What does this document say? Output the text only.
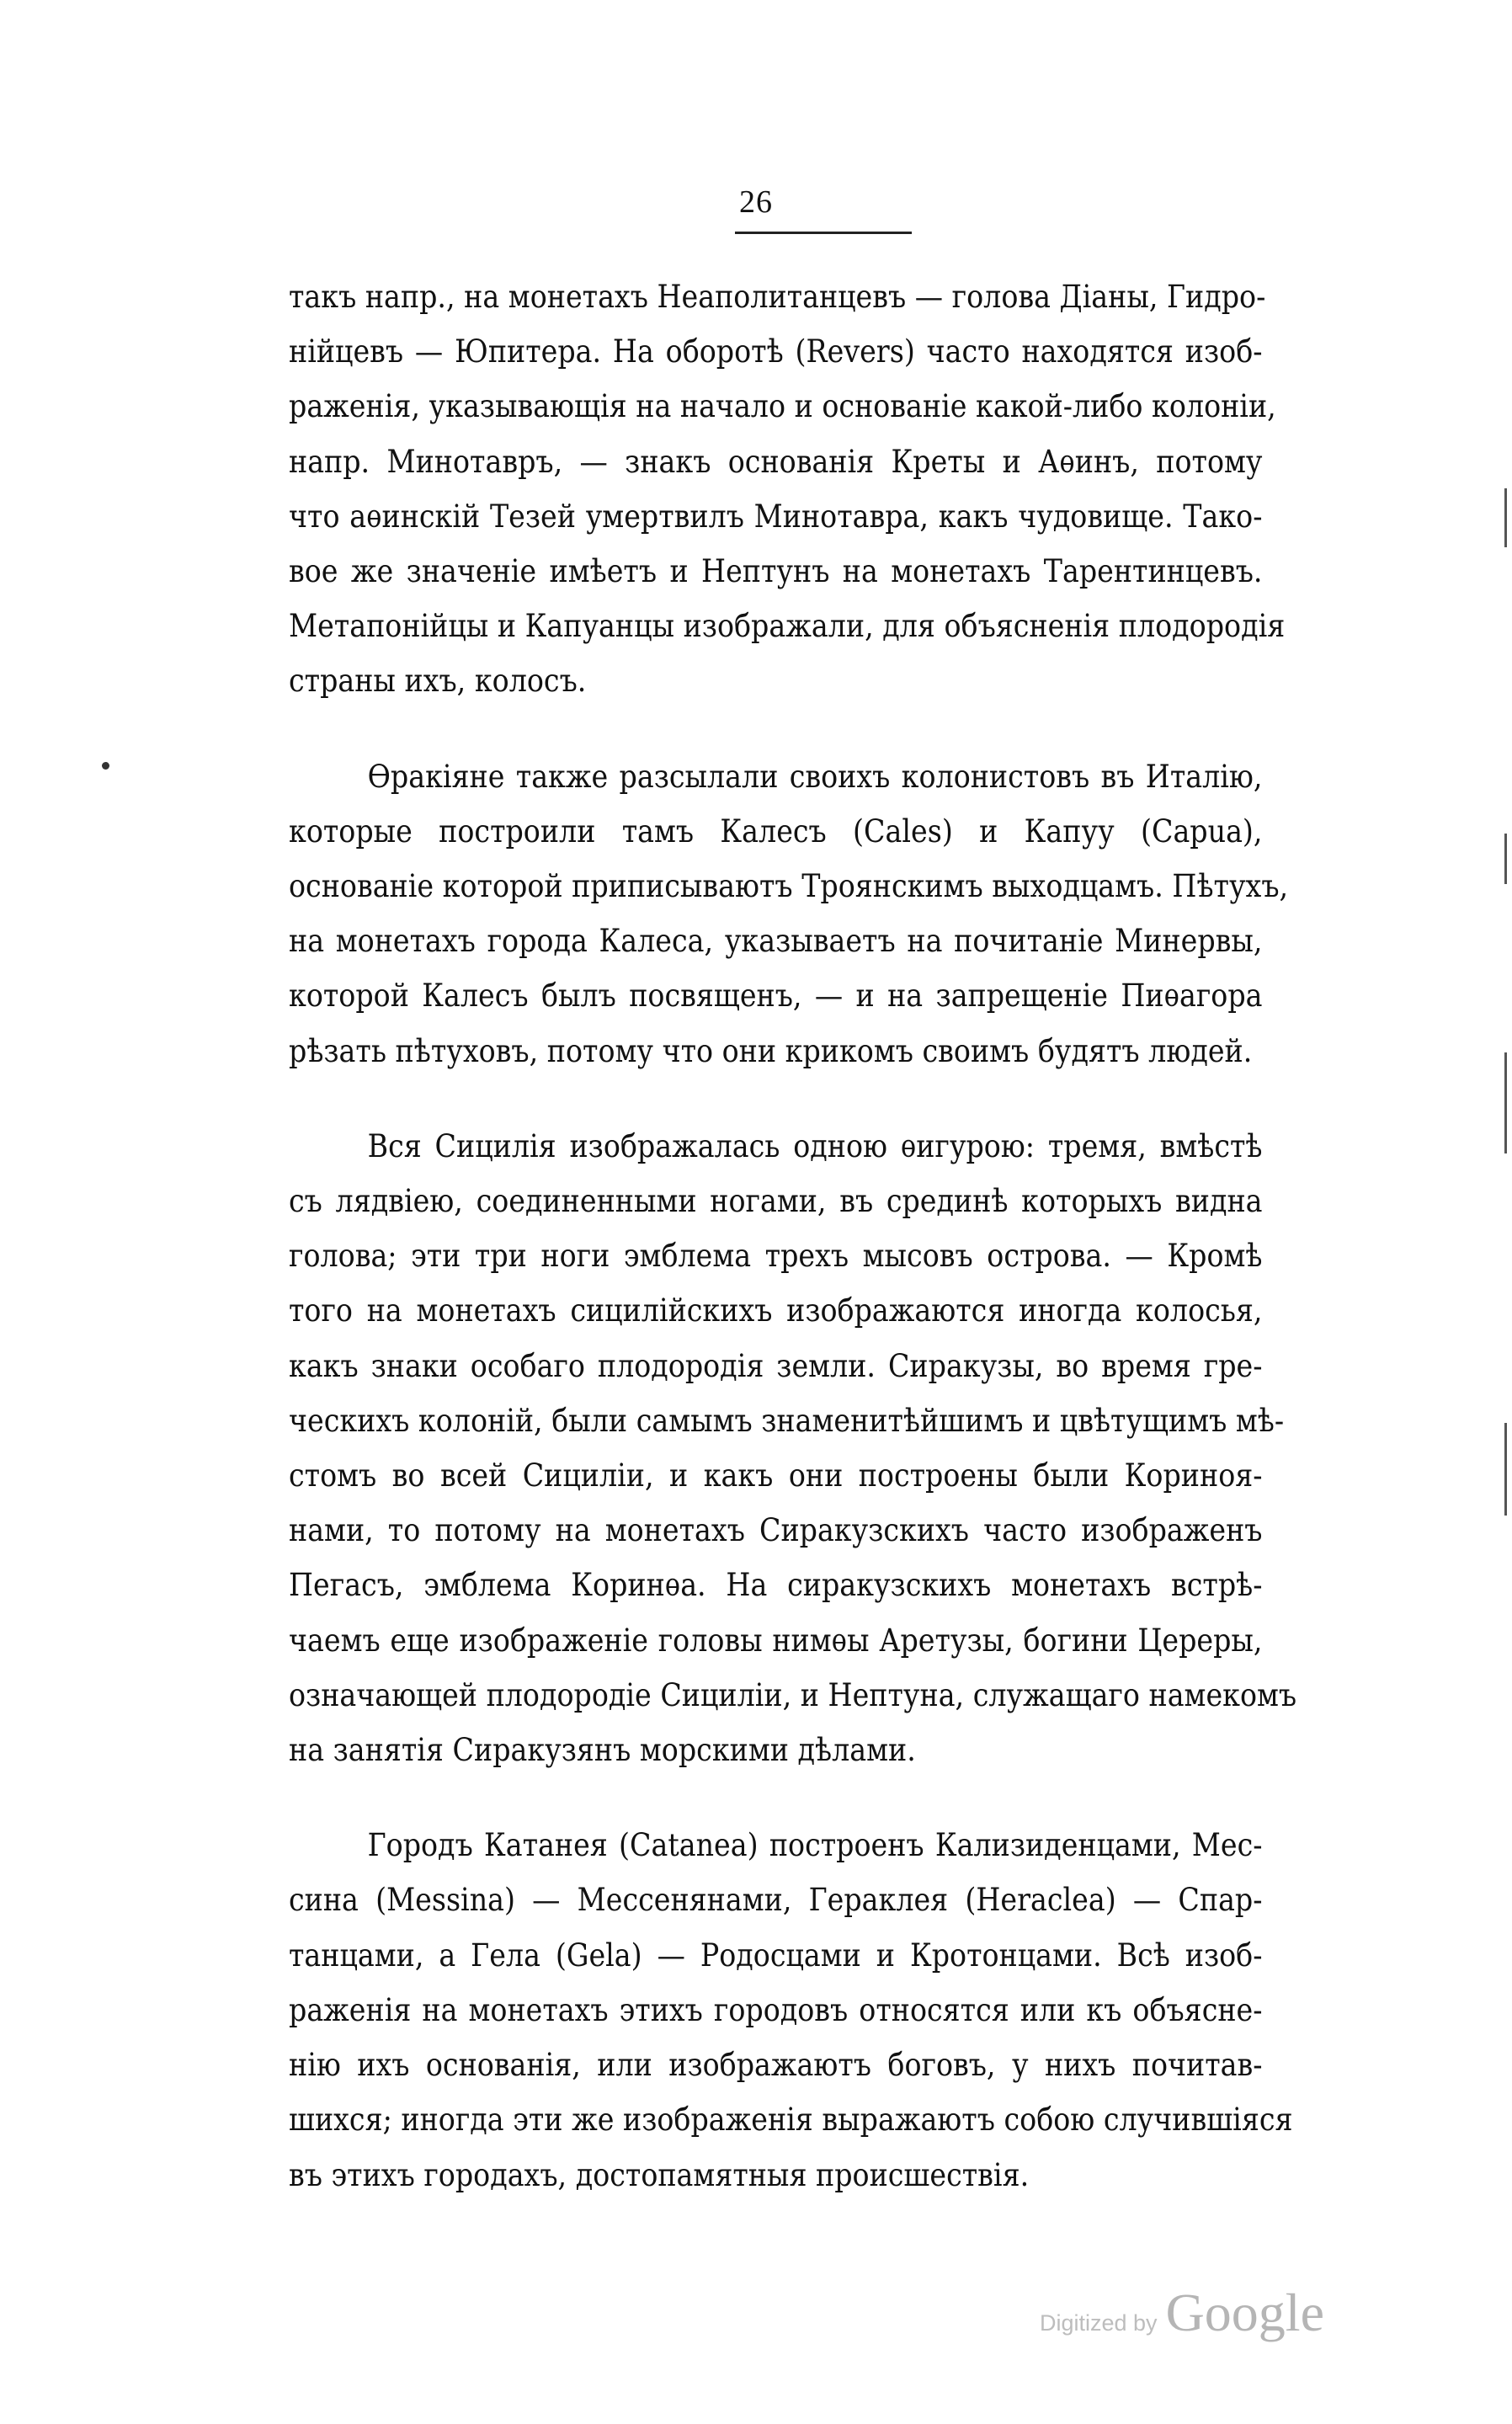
26

такъ напр., на монетахъ Неаполитанцевъ — голова Діаны, Гидро-
нійцевъ — Юпитера. На оборотѣ (Revers) часто находятся изоб-
раженія, указывающія на начало и основаніе какой-либо колоніи,
напр. Минотавръ, — знакъ основанія Креты и Аѳинъ, потому
что аѳинскій Тезей умертвилъ Минотавра, какъ чудовище. Тако-
вое же значеніе имѣетъ и Нептунъ на монетахъ Тарентинцевъ.
Метапонійцы и Капуанцы изображали, для объясненія плодородія
страны ихъ, колосъ.

Ѳракіяне также разсылали своихъ колонистовъ въ Италію,
которые построили тамъ Калесъ (Cales) и Капуу (Capua),
основаніе которой приписываютъ Троянскимъ выходцамъ. Пѣтухъ,
на монетахъ города Калеса, указываетъ на почитаніе Минервы,
которой Калесъ былъ посвященъ, — и на запрещеніе Пиѳагора
рѣзать пѣтуховъ, потому что они крикомъ своимъ будятъ людей.

Вся Сицилія изображалась одною ѳигурою: тремя, вмѣстѣ
съ лядвіею, соединенными ногами, въ срединѣ которыхъ видна
голова; эти три ноги эмблема трехъ мысовъ острова. — Кромѣ
того на монетахъ сицилійскихъ изображаются иногда колосья,
какъ знаки особаго плодородія земли. Сиракузы, во время гре-
ческихъ колоній, были самымъ знаменитѣйшимъ и цвѣтущимъ мѣ-
стомъ во всей Сициліи, и какъ они построены были Кориноя-
нами, то потому на монетахъ Сиракузскихъ часто изображенъ
Пегасъ, эмблема Коринѳа. На сиракузскихъ монетахъ встрѣ-
чаемъ еще изображеніе головы нимѳы Аретузы, богини Цереры,
означающей плодородіе Сициліи, и Нептуна, служащаго намекомъ
на занятія Сиракузянъ морскими дѣлами.

Городъ Катанея (Catanea) построенъ Кализиденцами, Мес-
сина (Messina) — Мессенянами, Гераклея (Heraclea) — Спар-
танцами, а Гела (Gela) — Родосцами и Кротонцами. Всѣ изоб-
раженія на монетахъ этихъ городовъ относятся или къ объясне-
нію ихъ основанія, или изображаютъ боговъ, у нихъ почитав-
шихся; иногда эти же изображенія выражаютъ собою случившіяся
въ этихъ городахъ, достопамятныя происшествія.

Digitized by Google
